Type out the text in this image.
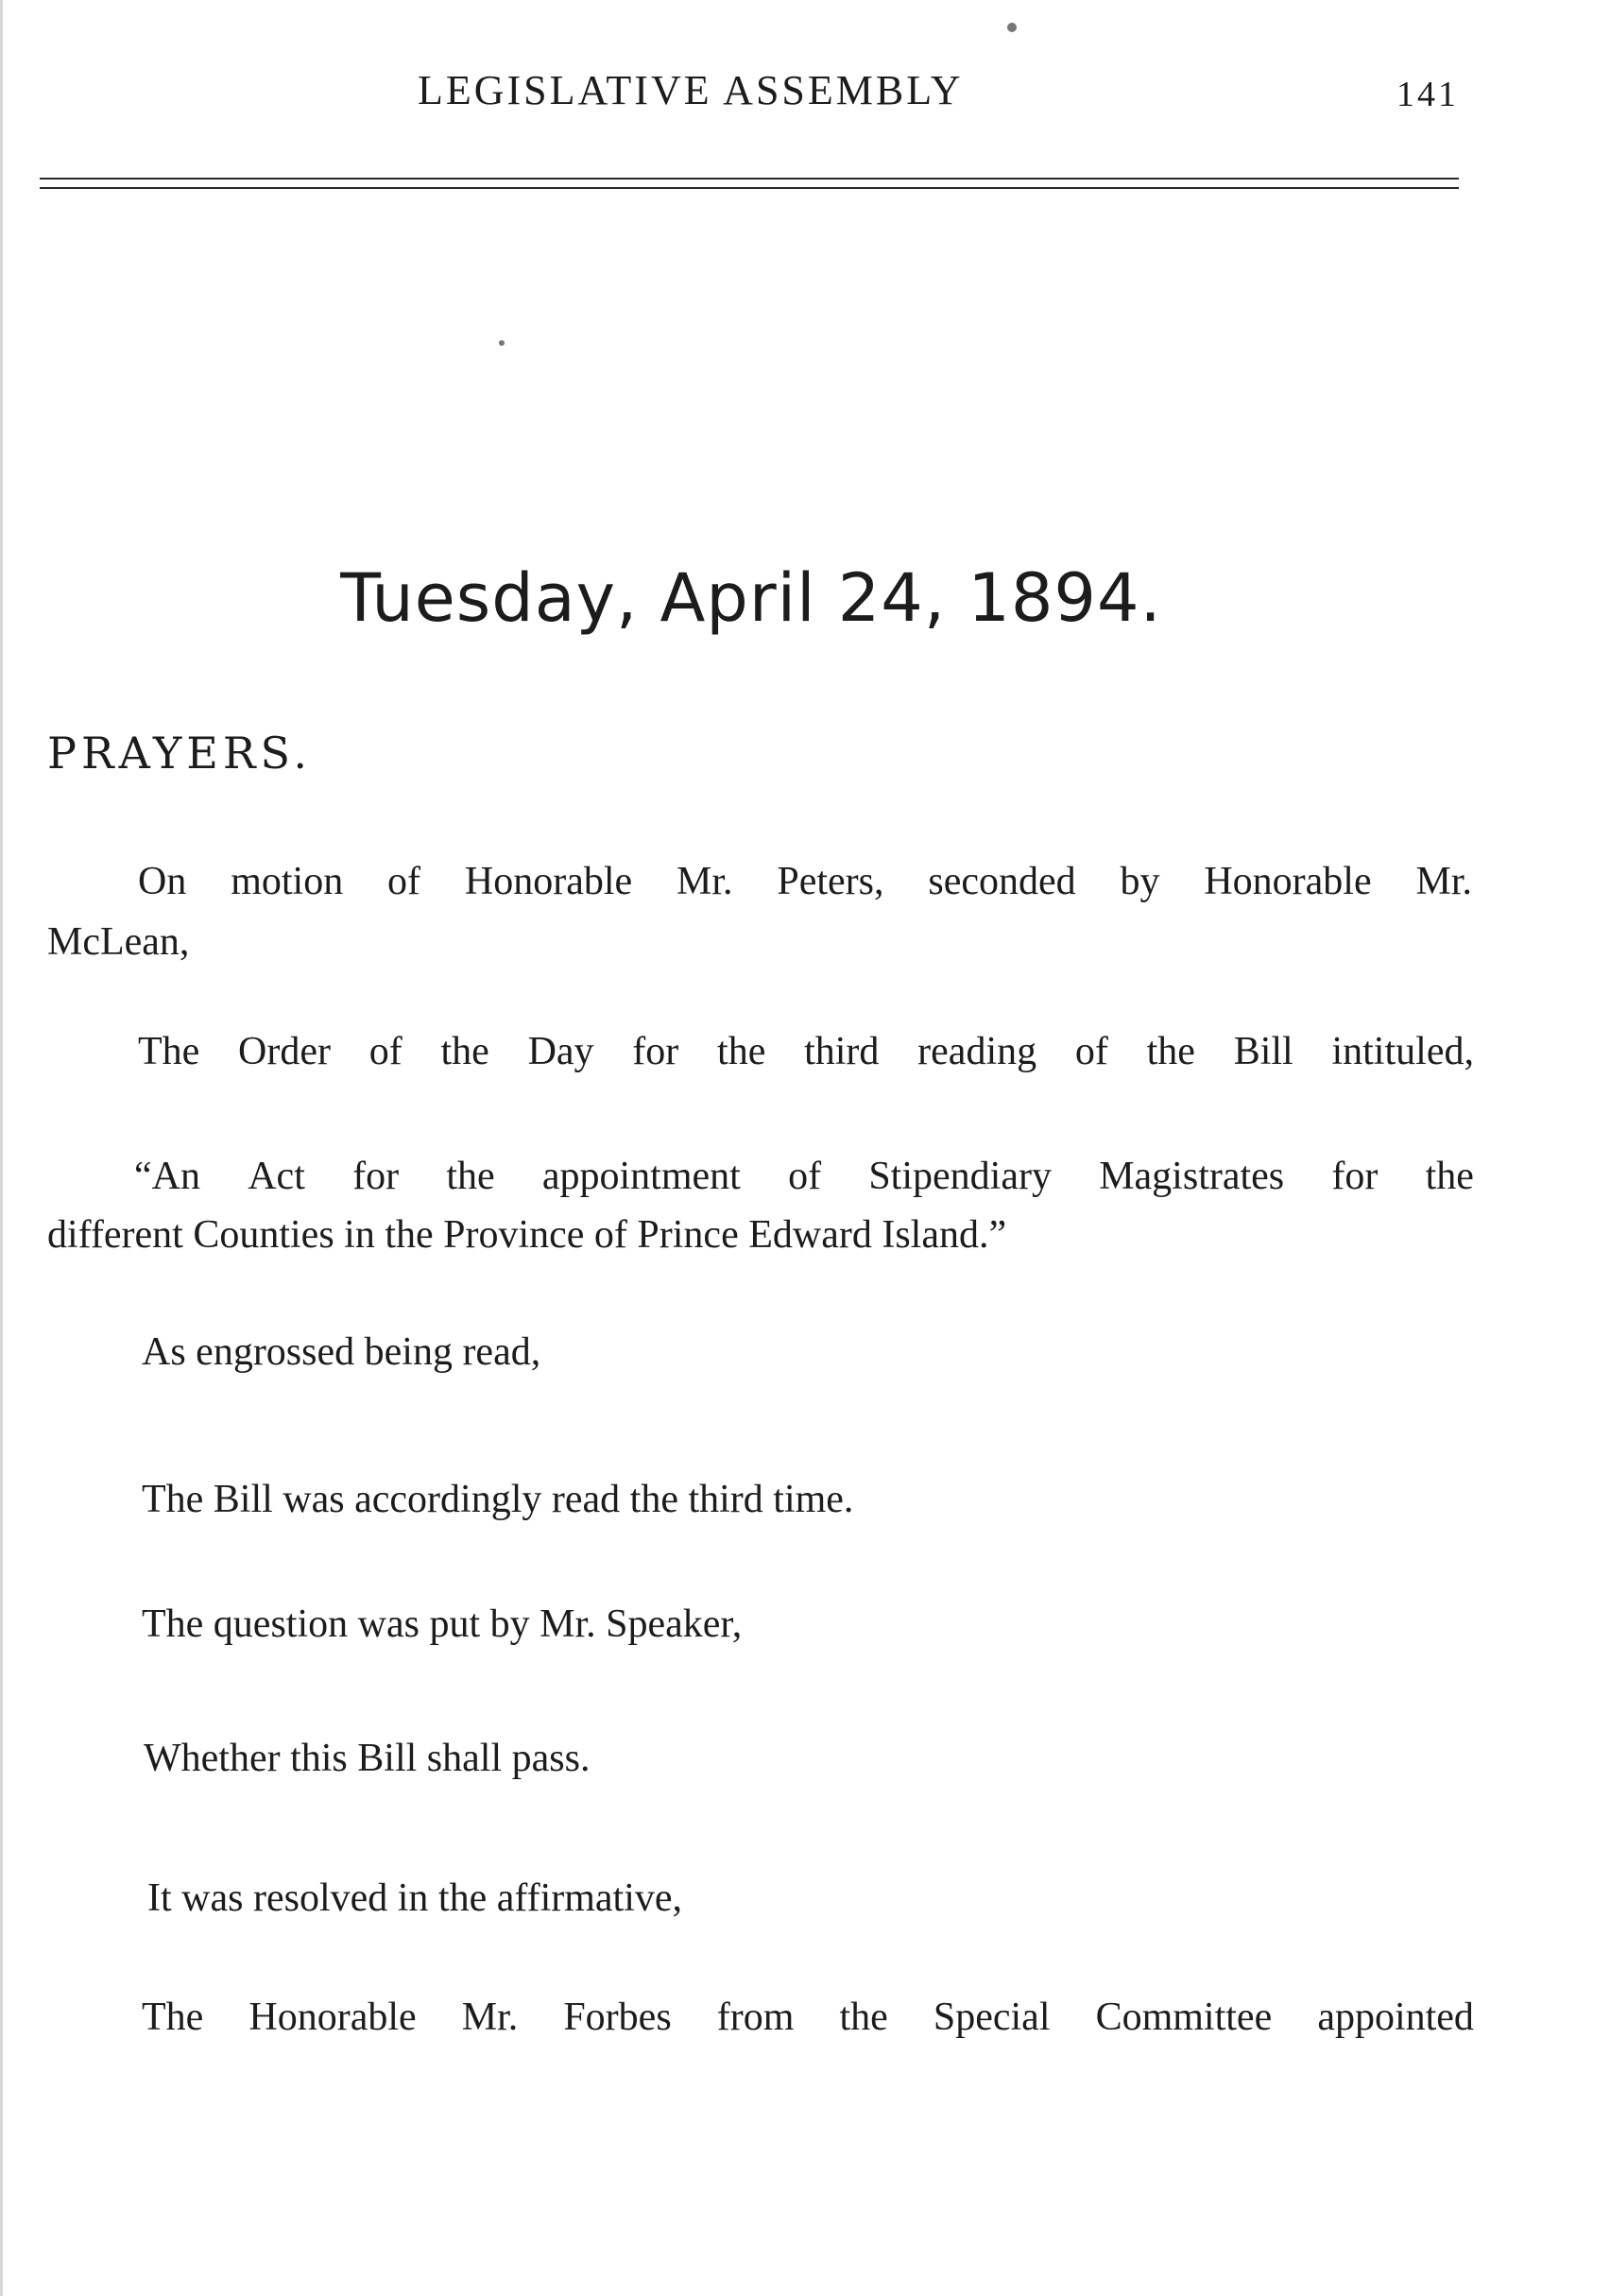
LEGISLATIVE ASSEMBLY	141
Tuesday, April 24, 1894.
PRAYERS.
On motion of Honorable Mr. Peters, seconded by Honorable Mr.
McLean,
The Order of the Day for the third reading of the Bill intituled,
“An Act for the appointment of Stipendiary Magistrates for the
different Counties in the Province of Prince Edward Island.”
As engrossed being read,
The Bill was accordingly read the third time.
The question was put by Mr. Speaker,
Whether this Bill shall pass.
It was resolved in the affirmative,
The Honorable Mr. Forbes from the Special Committee appointed
